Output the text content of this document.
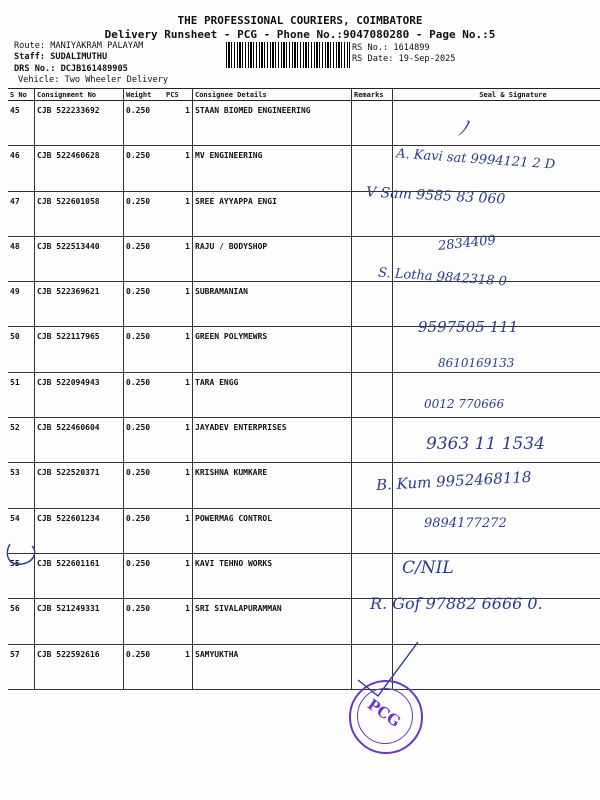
THE PROFESSIONAL COURIERS, COIMBATORE
Delivery Runsheet - PCG - Phone No.:9047080280 - Page No.:5
Route: MANIYAKRAM PALAYAM
Staff: SUDALIMUTHU
DRS No.: DCJB161489905
Vehicle: Two Wheeler Delivery
RS No.: 1614899
RS Date: 19-Sep-2025
S No	Consignment No	Weight	PCS	Consignee Details	Remarks	Seal & Signature
45	CJB 522233692	0.250	1	STAAN BIOMED ENGINEERING		
46	CJB 522460628	0.250	1	MV ENGINEERING		
47	CJB 522601058	0.250	1	SREE AYYAPPA ENGI		
48	CJB 522513440	0.250	1	RAJU / BODYSHOP		
49	CJB 522369621	0.250	1	SUBRAMANIAN		
50	CJB 522117965	0.250	1	GREEN POLYMEWRS		
51	CJB 522094943	0.250	1	TARA ENGG		
52	CJB 522460604	0.250	1	JAYADEV ENTERPRISES		
53	CJB 522520371	0.250	1	KRISHNA KUMKARE		
54	CJB 522601234	0.250	1	POWERMAG CONTROL		
55	CJB 522601161	0.250	1	KAVI TEHNO WORKS		
56	CJB 521249331	0.250	1	SRI SIVALAPURAMMAN		
57	CJB 522592616	0.250	1	SAMYUKTHA		
ﾉ
A. Kavi sat 9994121 2 D
V Sam 9585 83 060
2834409
S. Lotha 9842318 0
9597505 111
8610169133
0012 770666
9363 11 1534
B. Kum 9952468118
9894177272
C/NIL
R. Gof 97882 6666 0.
PCG
